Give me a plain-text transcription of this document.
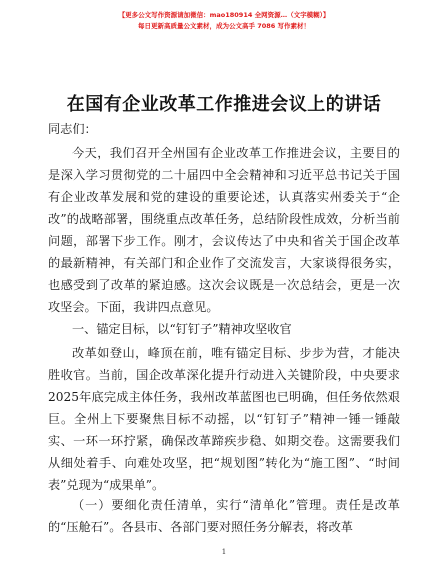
【更多公文写作资源请加微信：mao180914 全网资源…（文字模糊）】
每日更新高质量公文素材，成为公文高手 7086 写作素材！
在国有企业改革工作推进会议上的讲话

同志们：

今天，我们召开全州国有企业改革工作推进会议，主要目的是深入学习贯彻党的二十届四中全会精神和习近平总书记关于国有企业改革发展和党的建设的重要论述，认真落实州委关于“企改”的战略部署，围绕重点改革任务，总结阶段性成效，分析当前问题，部署下步工作。刚才，会议传达了中央和省关于国企改革的最新精神，有关部门和企业作了交流发言，大家谈得很务实，也感受到了改革的紧迫感。这次会议既是一次总结会，更是一次攻坚会。下面，我讲四点意见。

一、锚定目标，以“钉钉子”精神攻坚收官

改革如登山，峰顶在前，唯有锚定目标、步步为营，才能决胜收官。当前，国企改革深化提升行动进入关键阶段，中央要求2025年底完成主体任务，我州改革蓝图也已明确，但任务依然艰巨。全州上下要聚焦目标不动摇，以“钉钉子”精神一锤一锤敲实、一环一环拧紧，确保改革蹄疾步稳、如期交卷。这需要我们从细处着手、向难处攻坚，把“规划图”转化为“施工图”、“时间表”兑现为“成果单”。

（一）要细化责任清单，实行“清单化”管理。责任是改革的“压舱石”。各县市、各部门要对照任务分解表，将改革

1
